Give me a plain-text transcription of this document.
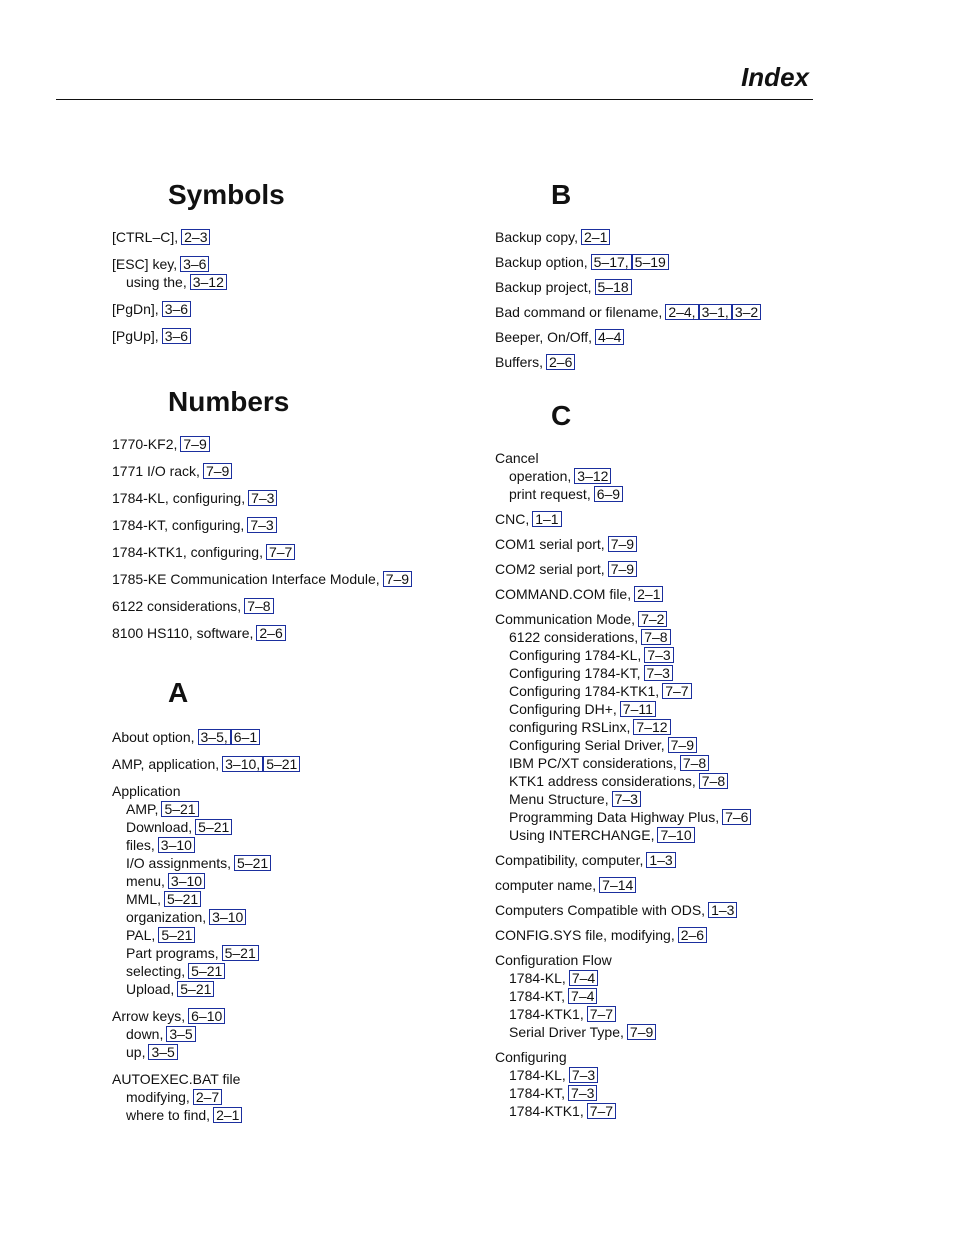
Index
Symbols
[CTRL–C], 2–3
[ESC] key, 3–6
using the, 3–12
[PgDn], 3–6
[PgUp], 3–6
Numbers
1770-KF2, 7–9
1771 I/O rack, 7–9
1784-KL, configuring, 7–3
1784-KT, configuring, 7–3
1784-KTK1, configuring, 7–7
1785-KE Communication Interface Module, 7–9
6122 considerations, 7–8
8100 HS110, software, 2–6
A
About option, 3–5, 6–1
AMP, application, 3–10, 5–21
Application
AMP, 5–21
Download, 5–21
files, 3–10
I/O assignments, 5–21
menu, 3–10
MML, 5–21
organization, 3–10
PAL, 5–21
Part programs, 5–21
selecting, 5–21
Upload, 5–21
Arrow keys, 6–10
down, 3–5
up, 3–5
AUTOEXEC.BAT file
modifying, 2–7
where to find, 2–1
B
Backup copy, 2–1
Backup option, 5–17, 5–19
Backup project, 5–18
Bad command or filename, 2–4, 3–1, 3–2
Beeper, On/Off, 4–4
Buffers, 2–6
C
Cancel
operation, 3–12
print request, 6–9
CNC, 1–1
COM1 serial port, 7–9
COM2 serial port, 7–9
COMMAND.COM file, 2–1
Communication Mode, 7–2
6122 considerations, 7–8
Configuring 1784-KL, 7–3
Configuring 1784-KT, 7–3
Configuring 1784-KTK1, 7–7
Configuring DH+, 7–11
configuring RSLinx, 7–12
Configuring Serial Driver, 7–9
IBM PC/XT considerations, 7–8
KTK1 address considerations, 7–8
Menu Structure, 7–3
Programming Data Highway Plus, 7–6
Using INTERCHANGE, 7–10
Compatibility, computer, 1–3
computer name, 7–14
Computers Compatible with ODS, 1–3
CONFIG.SYS file, modifying, 2–6
Configuration Flow
1784-KL, 7–4
1784-KT, 7–4
1784-KTK1, 7–7
Serial Driver Type, 7–9
Configuring
1784-KL, 7–3
1784-KT, 7–3
1784-KTK1, 7–7
